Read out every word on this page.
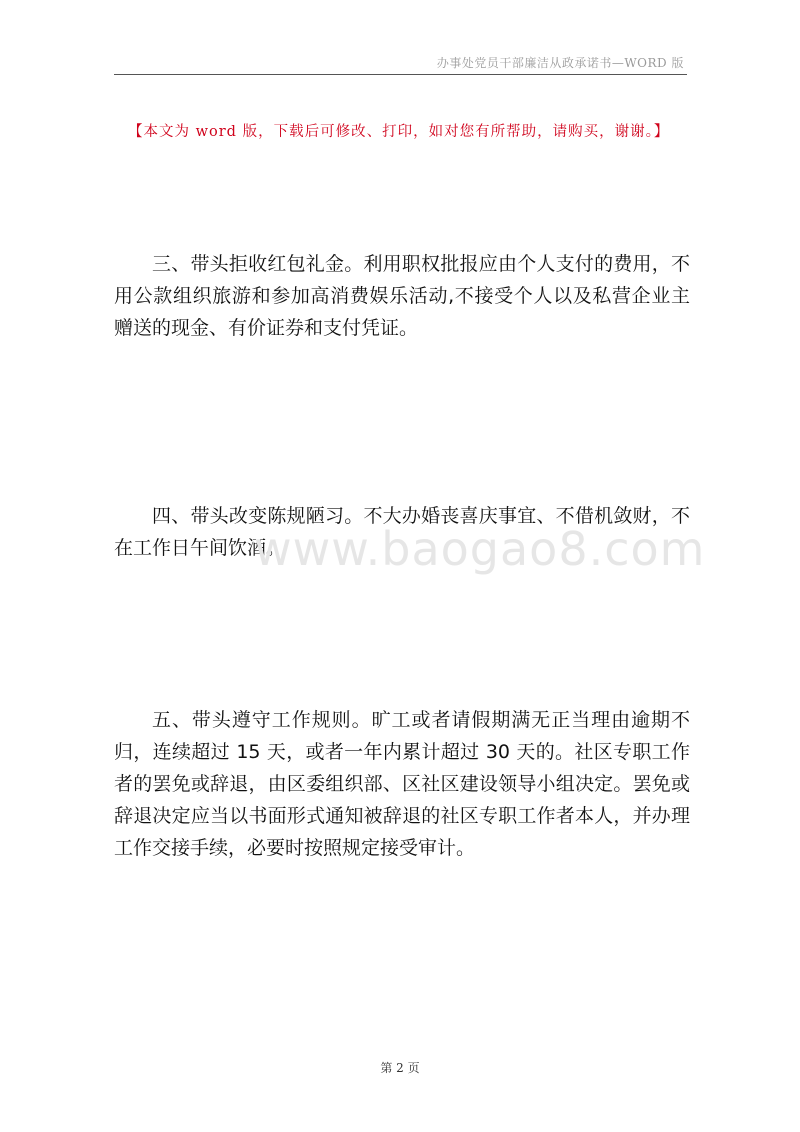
办事处党员干部廉洁从政承诺书—WORD 版
【本文为 word 版，下载后可修改、打印，如对您有所帮助，请购买，谢谢。】

三、带头拒收红包礼金。利用职权批报应由个人支付的费用，不用公款组织旅游和参加高消费娱乐活动,不接受个人以及私营企业主赠送的现金、有价证券和支付凭证。

四、带头改变陈规陋习。不大办婚丧喜庆事宜、不借机敛财，不在工作日午间饮酒。

五、带头遵守工作规则。旷工或者请假期满无正当理由逾期不归，连续超过 15 天，或者一年内累计超过 30 天的。社区专职工作者的罢免或辞退，由区委组织部、区社区建设领导小组决定。罢免或辞退决定应当以书面形式通知被辞退的社区专职工作者本人，并办理工作交接手续，必要时按照规定接受审计。

www.baogao8.com
第 2 页
